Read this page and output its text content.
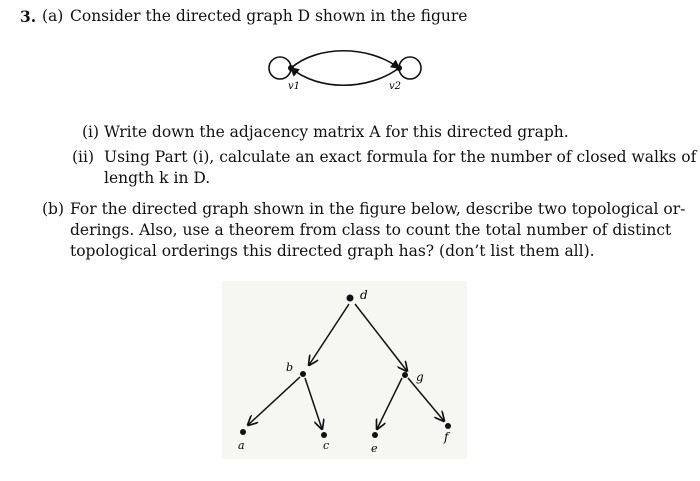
3. (a) Consider the directed graph D shown in the figure
v1	v2
(i) Write down the adjacency matrix A for this directed graph.
(ii) Using Part (i), calculate an exact formula for the number of closed walks of
length k in D.
(b) For the directed graph shown in the figure below, describe two topological or-
derings. Also, use a theorem from class to count the total number of distinct
topological orderings this directed graph has? (don’t list them all).
d
b
g
a	c	e
f
